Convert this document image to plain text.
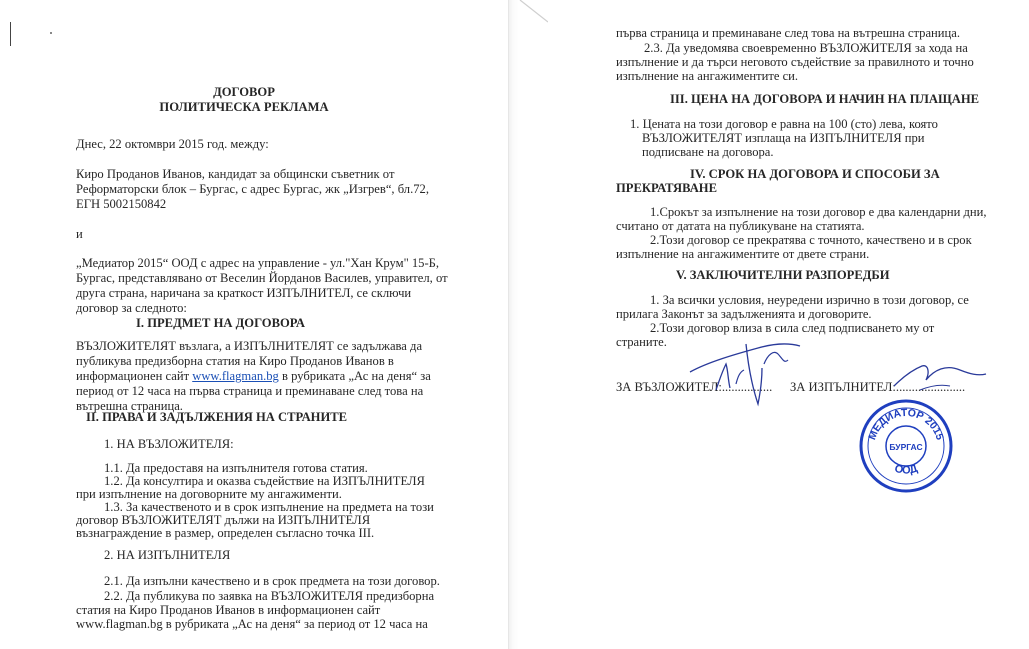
ДОГОВОР
ПОЛИТИЧЕСКА РЕКЛАМА
Днес, 22 октомври 2015 год. между:
Киро Проданов Иванов, кандидат за общински съветник от
Реформаторски блок – Бургас, с адрес Бургас, жк „Изгрев“, бл.72,
ЕГН 5002150842
и
„Медиатор 2015“ ООД с адрес на управление - ул."Хан Крум" 15-Б,
Бургас, представлявано от Веселин Йорданов Василев, управител, от
друга страна, наричана за краткост ИЗПЪЛНИТЕЛ, се сключи
договор за следното:
I. ПРЕДМЕТ НА ДОГОВОРА
ВЪЗЛОЖИТЕЛЯТ възлага, а ИЗПЪЛНИТЕЛЯТ се задължава да
публикува предизборна статия на Киро Проданов Иванов в
информационен сайт www.flagman.bg в рубриката „Ас на деня“ за
период от 12 часа на първа страница и преминаване след това на
вътрешна страница.
II. ПРАВА И ЗАДЪЛЖЕНИЯ НА СТРАНИТЕ
1. НА ВЪЗЛОЖИТЕЛЯ:
1.1. Да предоставя на изпълнителя готова статия.
1.2. Да консултира и оказва съдействие на ИЗПЪЛНИТЕЛЯ
при изпълнение на договорните му ангажименти.
1.3. За качественото и в срок изпълнение на предмета на този
договор ВЪЗЛОЖИТЕЛЯТ дължи на ИЗПЪЛНИТЕЛЯ
възнаграждение в размер, определен съгласно точка III.
2. НА ИЗПЪЛНИТЕЛЯ
2.1. Да изпълни качествено и в срок предмета на този договор.
2.2. Да публикува по заявка на ВЪЗЛОЖИТЕЛЯ предизборна
статия на Киро Проданов Иванов в информационен сайт
www.flagman.bg в рубриката „Ас на деня“ за период от 12 часа на
първа страница и преминаване след това на вътрешна страница.
2.3. Да уведомява своевременно ВЪЗЛОЖИТЕЛЯ за хода на
изпълнение и да търси неговото съдействие за правилното и точно
изпълнение на ангажиментите си.
III. ЦЕНА НА ДОГОВОРА И НАЧИН НА ПЛАЩАНЕ
1. Цената на този договор е равна на 100 (сто) лева, която
ВЪЗЛОЖИТЕЛЯТ изплаща на ИЗПЪЛНИТЕЛЯ при
подписване на договора.
IV. СРОК НА ДОГОВОРА И СПОСОБИ ЗА
ПРЕКРАТЯВАНЕ
1.Срокът за изпълнение на този договор е два календарни дни,
считано от датата на публикуване на статията.
2.Този договор се прекратява с точното, качествено и в срок
изпълнение на ангажиментите от двете страни.
V. ЗАКЛЮЧИТЕЛНИ РАЗПОРЕДБИ
1. За всички условия, неуредени изрично в този договор, се
прилага Законът за задълженията и договорите.
2.Този договор влиза в сила след подписването му от
страните.
ЗА ВЪЗЛОЖИТЕЛ:................ ЗА ИЗПЪЛНИТЕЛ:......................
МЕДИАТОР 2015
БУРГАС
ООД
